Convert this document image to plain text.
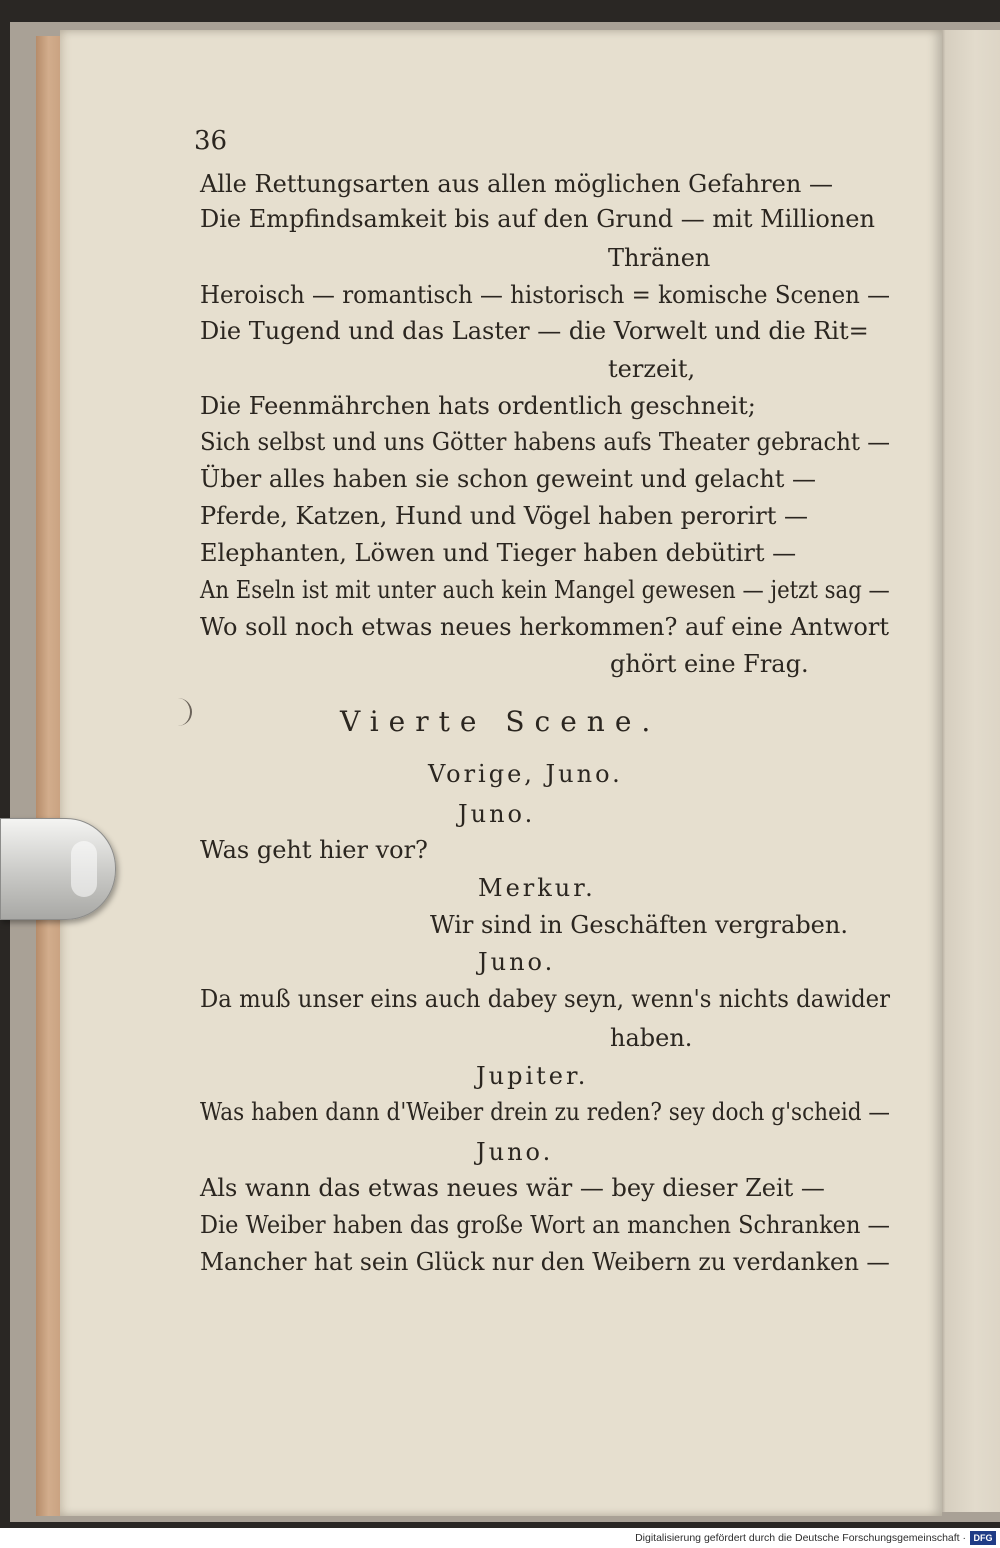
36
Alle Rettungsarten aus allen möglichen Gefahren —
Die Empfindsamkeit bis auf den Grund — mit Millionen
Thränen
Heroisch — romantisch — historisch = komische Scenen —
Die Tugend und das Laster — die Vorwelt und die Rit=
terzeit,
Die Feenmährchen hats ordentlich geschneit;
Sich selbst und uns Götter habens aufs Theater gebracht —
Über alles haben sie schon geweint und gelacht —
Pferde, Katzen, Hund und Vögel haben perorirt —
Elephanten, Löwen und Tieger haben debütirt —
An Eseln ist mit unter auch kein Mangel gewesen — jetzt sag —
Wo soll noch etwas neues herkommen? auf eine Antwort
ghört eine Frag.
Vierte Scene.
Vorige, Juno.
Juno.
Was geht hier vor?
Merkur.
Wir sind in Geschäften vergraben.
Juno.
Da muß unser eins auch dabey seyn, wenn's nichts dawider
haben.
Jupiter.
Was haben dann d'Weiber drein zu reden? sey doch g'scheid —
Juno.
Als wann das etwas neues wär — bey dieser Zeit —
Die Weiber haben das große Wort an manchen Schranken —
Mancher hat sein Glück nur den Weibern zu verdanken —
Digitalisierung gefördert durch die Deutsche Forschungsgemeinschaft · DFG
